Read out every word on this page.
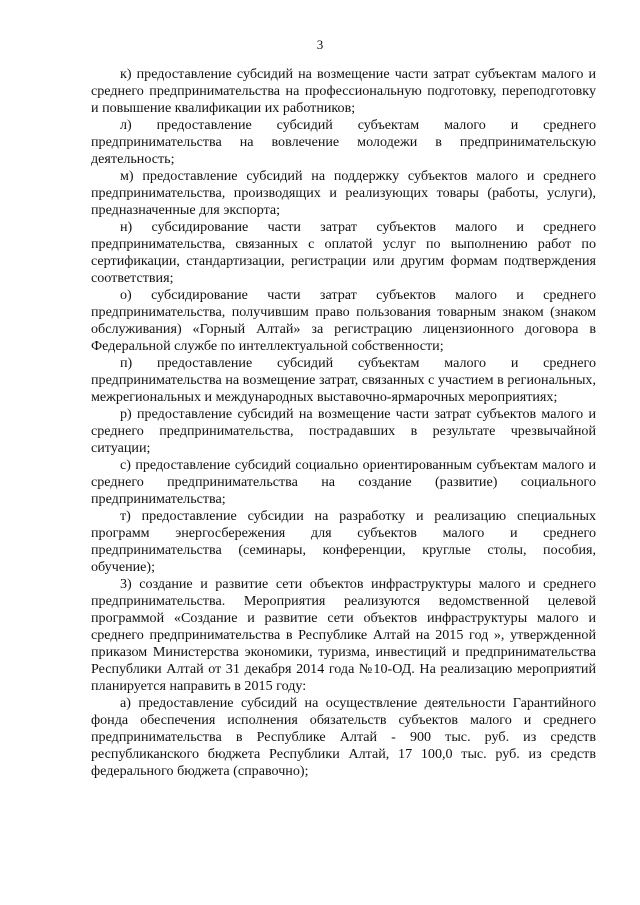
3

к) предоставление субсидий на возмещение части затрат субъектам малого и среднего предпринимательства на профессиональную подготовку, переподготовку и повышение квалификации их работников;

л) предоставление субсидий субъектам малого и среднего предпринимательства на вовлечение молодежи в предпринимательскую деятельность;

м) предоставление субсидий на поддержку субъектов малого и среднего предпринимательства, производящих и реализующих товары (работы, услуги), предназначенные для экспорта;

н) субсидирование части затрат субъектов малого и среднего предпринимательства, связанных с оплатой услуг по выполнению работ по сертификации, стандартизации, регистрации или другим формам подтверждения соответствия;

о) субсидирование части затрат субъектов малого и среднего предпринимательства, получившим право пользования товарным знаком (знаком обслуживания) «Горный Алтай» за регистрацию лицензионного договора в Федеральной службе по интеллектуальной собственности;

п) предоставление субсидий субъектам малого и среднего предпринимательства на возмещение затрат, связанных с участием в региональных, межрегиональных и международных выставочно-ярмарочных мероприятиях;

р) предоставление субсидий на возмещение части затрат субъектов малого и среднего предпринимательства, пострадавших в результате чрезвычайной ситуации;

с) предоставление субсидий социально ориентированным субъектам малого и среднего предпринимательства на создание (развитие) социального предпринимательства;

т) предоставление субсидии на разработку и реализацию специальных программ энергосбережения для субъектов малого и среднего предпринимательства (семинары, конференции, круглые столы, пособия, обучение);

3) создание и развитие сети объектов инфраструктуры малого и среднего предпринимательства. Мероприятия реализуются ведомственной целевой программой «Создание и развитие сети объектов инфраструктуры малого и среднего предпринимательства в Республике Алтай на 2015 год », утвержденной приказом Министерства экономики, туризма, инвестиций и предпринимательства Республики Алтай от 31 декабря 2014 года №10-ОД. На реализацию мероприятий планируется направить в 2015 году:

а) предоставление субсидий на осуществление деятельности Гарантийного фонда обеспечения исполнения обязательств субъектов малого и среднего предпринимательства в Республике Алтай - 900 тыс. руб. из средств республиканского бюджета Республики Алтай, 17 100,0 тыс. руб. из средств федерального бюджета (справочно);
